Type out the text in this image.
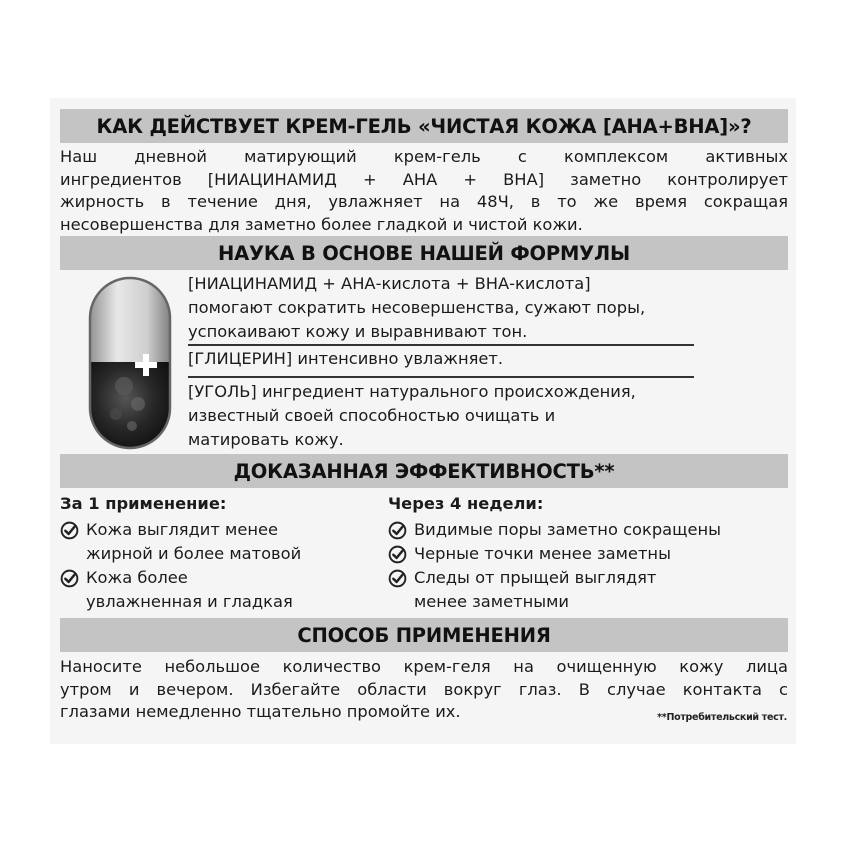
КАК ДЕЙСТВУЕТ КРЕМ-ГЕЛЬ «ЧИСТАЯ КОЖА [АНА+ВНА]»?
Наш дневной матирующий крем-гель с комплексом активных
ингредиентов [НИАЦИНАМИД + АНА + ВНА] заметно контролирует
жирность в течение дня, увлажняет на 48Ч, в то же время сокращая
несовершенства для заметно более гладкой и чистой кожи.
НАУКА В ОСНОВЕ НАШЕЙ ФОРМУЛЫ
[НИАЦИНАМИД + АНА-кислота + ВНА-кислота]
помогают сократить несовершенства, сужают поры,
успокаивают кожу и выравнивают тон.
[ГЛИЦЕРИН] интенсивно увлажняет.
[УГОЛЬ] ингредиент натурального происхождения,
известный своей способностью очищать и
матировать кожу.
ДОКАЗАННАЯ ЭФФЕКТИВНОСТЬ**
За 1 применение:	Через 4 недели:
Кожа выглядит менее
жирной и более матовой
Кожа более
увлажненная и гладкая
Видимые поры заметно сокращены
Черные точки менее заметны
Следы от прыщей выглядят
менее заметными
СПОСОБ ПРИМЕНЕНИЯ
Наносите небольшое количество крем-геля на очищенную кожу лица
утром и вечером. Избегайте области вокруг глаз. В случае контакта с
глазами немедленно тщательно промойте их.	**Потребительский тест.
